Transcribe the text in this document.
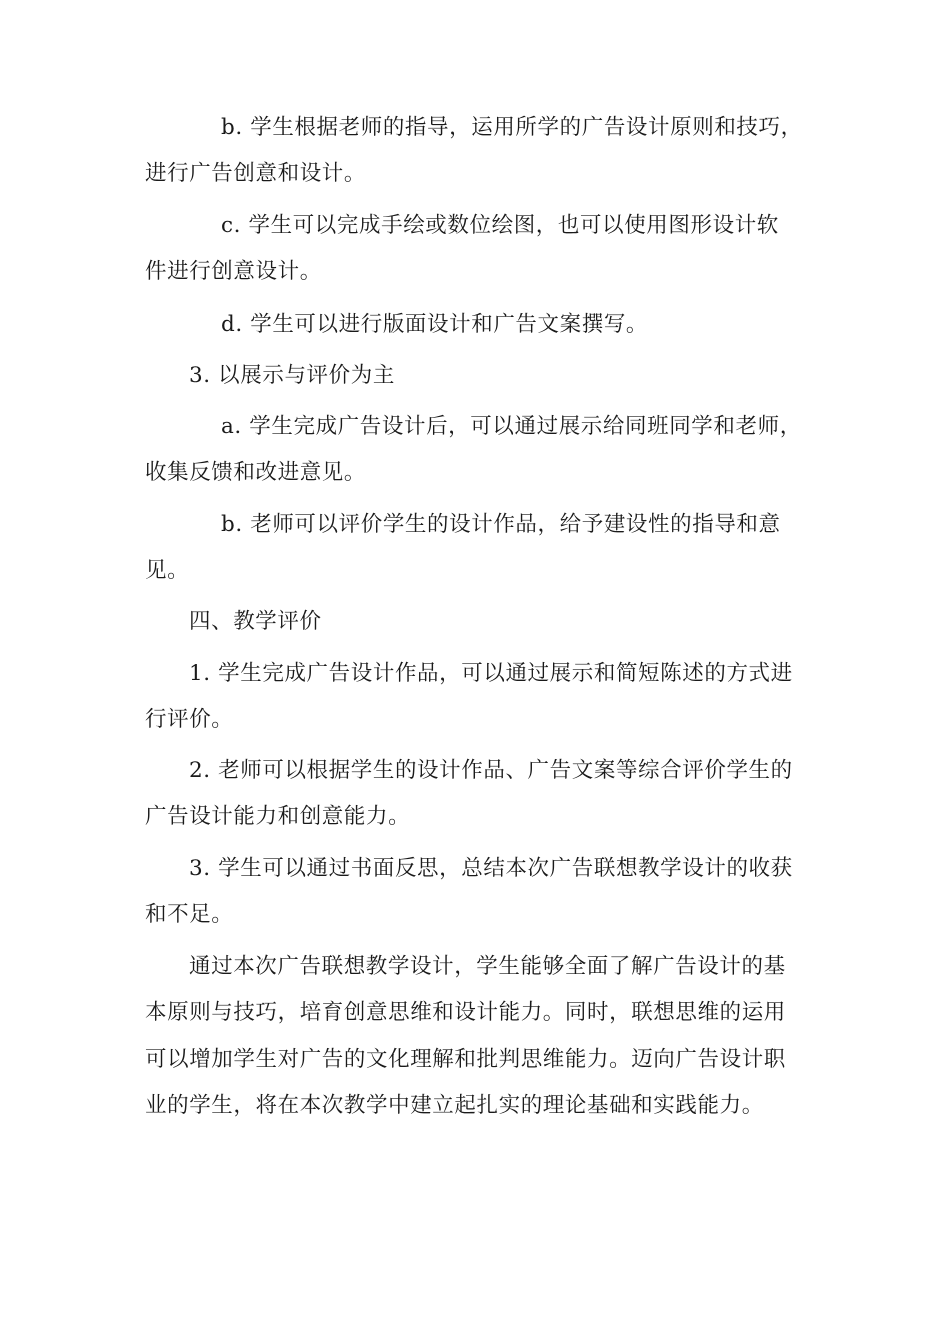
b. 学生根据老师的指导，运用所学的广告设计原则和技巧，
进行广告创意和设计。
c. 学生可以完成手绘或数位绘图，也可以使用图形设计软
件进行创意设计。
d. 学生可以进行版面设计和广告文案撰写。
3. 以展示与评价为主
a. 学生完成广告设计后，可以通过展示给同班同学和老师，
收集反馈和改进意见。
b. 老师可以评价学生的设计作品，给予建设性的指导和意
见。
四、教学评价
1. 学生完成广告设计作品，可以通过展示和简短陈述的方式进
行评价。
2. 老师可以根据学生的设计作品、广告文案等综合评价学生的
广告设计能力和创意能力。
3. 学生可以通过书面反思，总结本次广告联想教学设计的收获
和不足。
通过本次广告联想教学设计，学生能够全面了解广告设计的基
本原则与技巧，培育创意思维和设计能力。同时，联想思维的运用
可以增加学生对广告的文化理解和批判思维能力。迈向广告设计职
业的学生，将在本次教学中建立起扎实的理论基础和实践能力。
